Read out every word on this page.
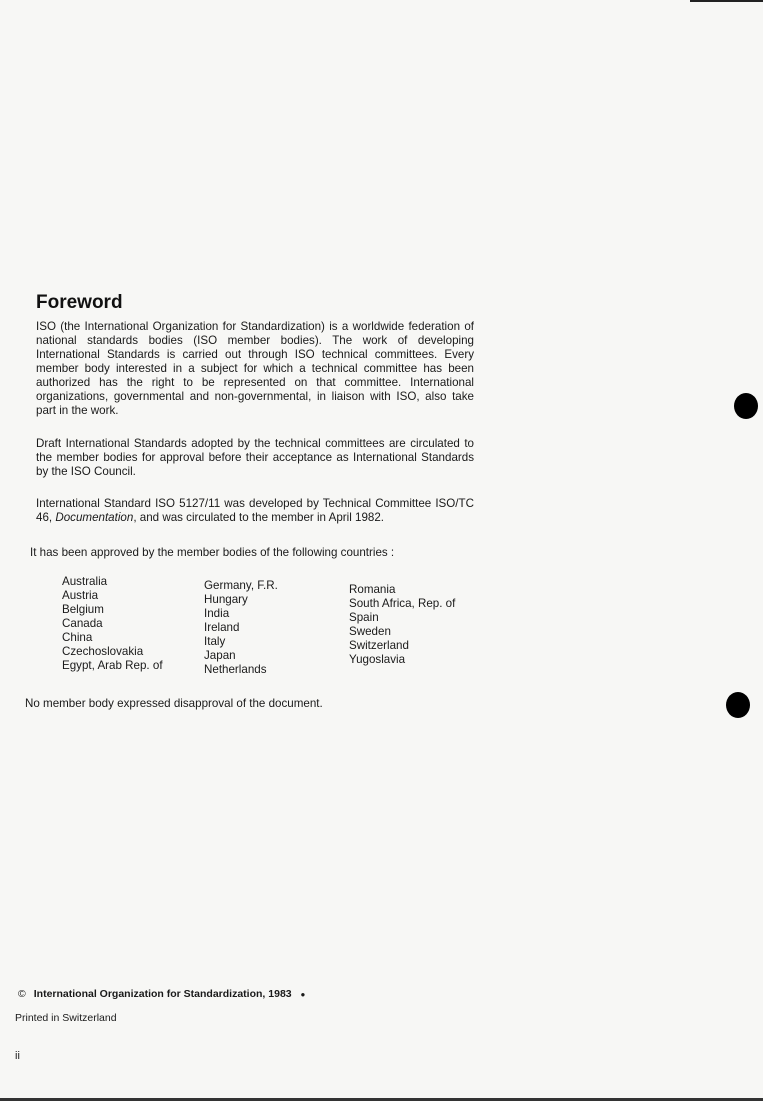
Foreword

ISO (the International Organization for Standardization) is a worldwide federation of national standards bodies (ISO member bodies). The work of developing International Standards is carried out through ISO technical committees. Every member body interested in a subject for which a technical committee has been authorized has the right to be represented on that committee. International organizations, governmental and non-governmental, in liaison with ISO, also take part in the work.

Draft International Standards adopted by the technical committees are circulated to the member bodies for approval before their acceptance as International Standards by the ISO Council.

International Standard ISO 5127/11 was developed by Technical Committee ISO/TC 46, Documentation, and was circulated to the member in April 1982.

It has been approved by the member bodies of the following countries :

Australia
Austria
Belgium
Canada
China
Czechoslovakia
Egypt, Arab Rep. of
Germany, F.R.
Hungary
India
Ireland
Italy
Japan
Netherlands
Romania
South Africa, Rep. of
Spain
Sweden
Switzerland
Yugoslavia

No member body expressed disapproval of the document.

© International Organization for Standardization, 1983 ●
Printed in Switzerland
ii
